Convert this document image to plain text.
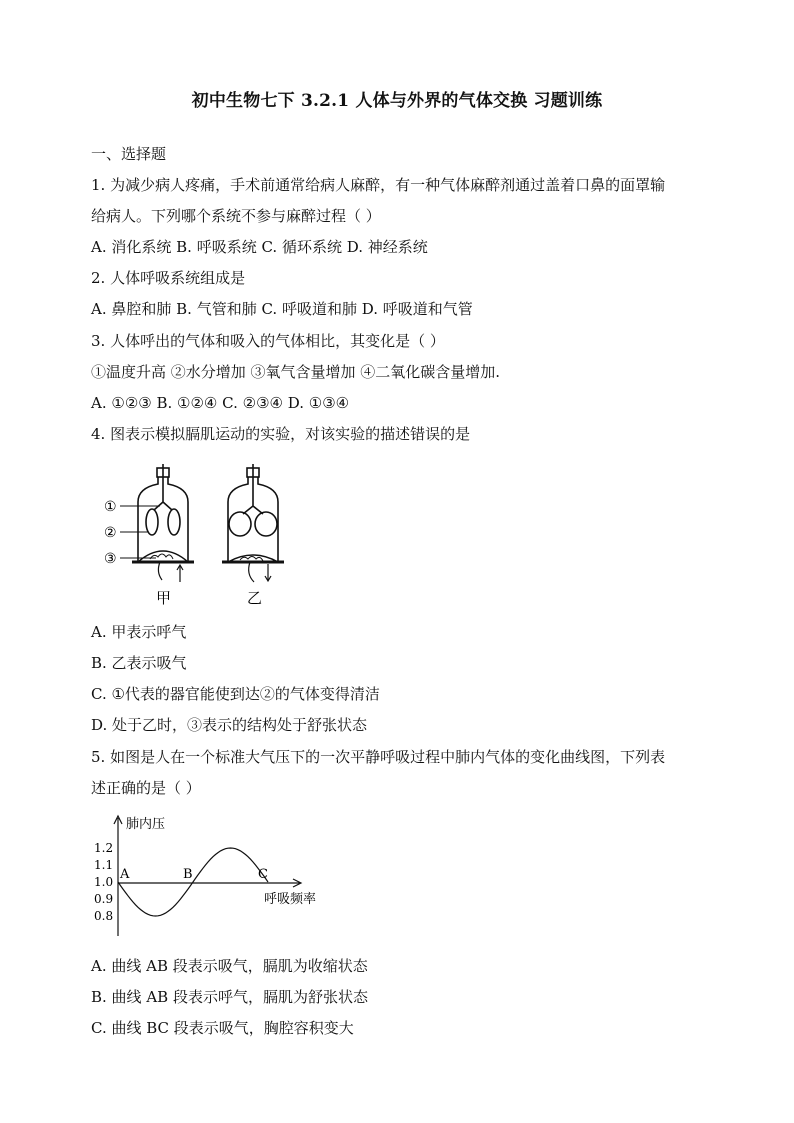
初中生物七下 3.2.1 人体与外界的气体交换 习题训练
一、选择题
1. 为减少病人疼痛，手术前通常给病人麻醉，有一种气体麻醉剂通过盖着口鼻的面罩输
给病人。下列哪个系统不参与麻醉过程（ ）
A. 消化系统 B. 呼吸系统 C. 循环系统 D. 神经系统
2. 人体呼吸系统组成是
A. 鼻腔和肺 B. 气管和肺 C. 呼吸道和肺 D. 呼吸道和气管
3. 人体呼出的气体和吸入的气体相比，其变化是（ ）
①温度升高 ②水分增加 ③氧气含量增加 ④二氧化碳含量增加.
A. ①②③ B. ①②④ C. ②③④ D. ①③④
4. 图表示模拟膈肌运动的实验，对该实验的描述错误的是
①
②
③
甲	乙
A. 甲表示呼气
B. 乙表示吸气
C. ①代表的器官能使到达②的气体变得清洁
D. 处于乙时，③表示的结构处于舒张状态
5. 如图是人在一个标准大气压下的一次平静呼吸过程中肺内气体的变化曲线图，下列表
述正确的是（ ）
肺内压
呼吸频率
1.2
1.1
1.0
0.9
0.8
A	B	C
A. 曲线 AB 段表示吸气，膈肌为收缩状态
B. 曲线 AB 段表示呼气，膈肌为舒张状态
C. 曲线 BC 段表示吸气，胸腔容积变大
